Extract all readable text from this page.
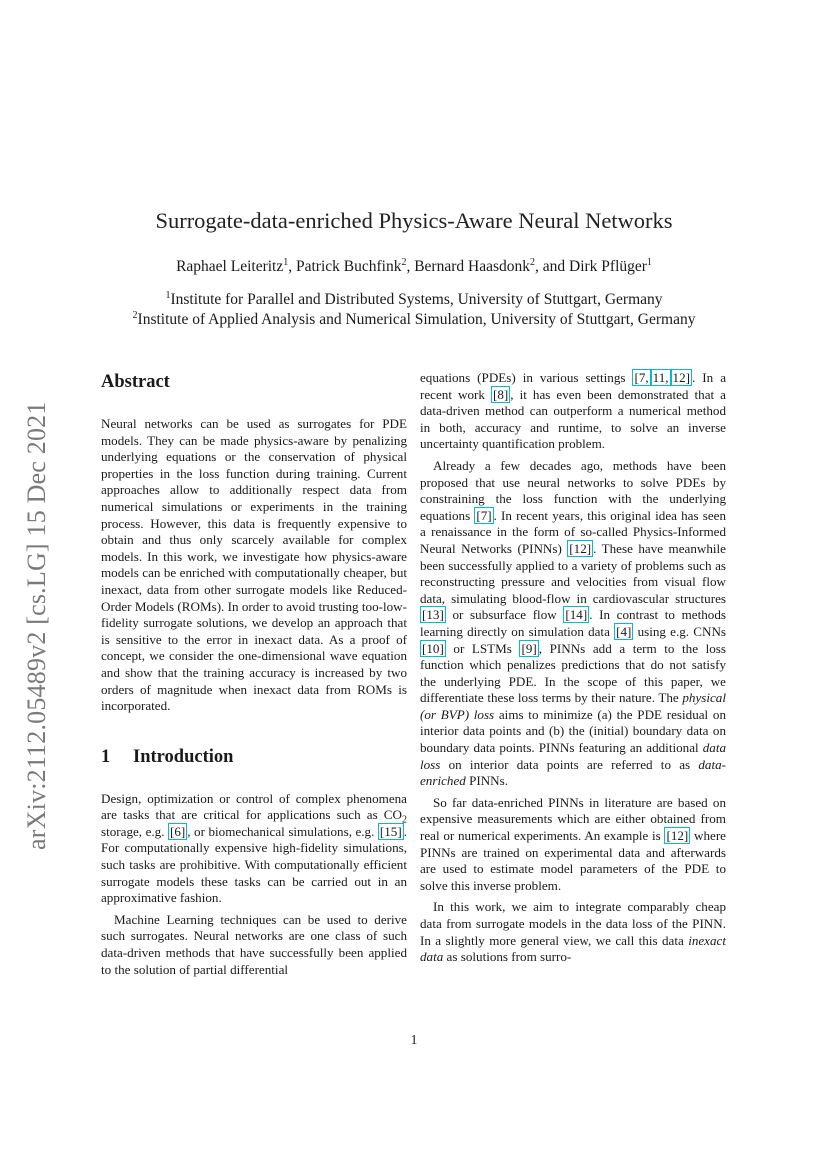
arXiv:2112.05489v2 [cs.LG] 15 Dec 2021
Surrogate-data-enriched Physics-Aware Neural Networks
Raphael Leiteritz$^1$, Patrick Buchfink$^2$, Bernard Haasdonk$^2$, and Dirk Pflüger$^1$
$^1$Institute for Parallel and Distributed Systems, University of Stuttgart, Germany
$^2$Institute of Applied Analysis and Numerical Simulation, University of Stuttgart, Germany
Abstract

Neural networks can be used as surrogates for PDE models. They can be made physics-aware by penalizing underlying equations or the conservation of physical properties in the loss function during training. Current approaches allow to additionally respect data from numerical simulations or experiments in the training process. However, this data is frequently expensive to obtain and thus only scarcely available for complex models. In this work, we investigate how physics-aware models can be enriched with computationally cheaper, but inexact, data from other surrogate models like Reduced-Order Models (ROMs). In order to avoid trusting too-low-fidelity surrogate solutions, we develop an approach that is sensitive to the error in inexact data. As a proof of concept, we consider the one-dimensional wave equation and show that the training accuracy is increased by two orders of magnitude when inexact data from ROMs is incorporated.

1 Introduction

Design, optimization or control of complex phenomena are tasks that are critical for applications such as $CO_2$ storage, e.g. [6] , or biomechanical simulations, e.g. [15] . For computationally expensive high-fidelity simulations, such tasks are prohibitive. With computationally efficient surrogate models these tasks can be carried out in an approximative fashion.

Machine Learning techniques can be used to derive such surrogates. Neural networks are one class of such data-driven methods that have successfully been applied to the solution of partial differential

equations (PDEs) in various settings [7, 11, 12] . In a recent work [8] , it has even been demonstrated that a data-driven method can outperform a numerical method in both, accuracy and runtime, to solve an inverse uncertainty quantification problem.

Already a few decades ago, methods have been proposed that use neural networks to solve PDEs by constraining the loss function with the underlying equations [7] . In recent years, this original idea has seen a renaissance in the form of so-called Physics-Informed Neural Networks (PINNs) [12] . These have meanwhile been successfully applied to a variety of problems such as reconstructing pressure and velocities from visual flow data, simulating blood-flow in cardiovascular structures [13] or subsurface flow [14] . In contrast to methods learning directly on simulation data [4] using e.g. CNNs [10] or LSTMs [9] , PINNs add a term to the loss function which penalizes predictions that do not satisfy the underlying PDE. In the scope of this paper, we differentiate these loss terms by their nature. The physical (or BVP) loss aims to minimize (a) the PDE residual on interior data points and (b) the (initial) boundary data on boundary data points. PINNs featuring an additional data loss on interior data points are referred to as data-enriched PINNs.

So far data-enriched PINNs in literature are based on expensive measurements which are either obtained from real or numerical experiments. An example is [12] where PINNs are trained on experimental data and afterwards are used to estimate model parameters of the PDE to solve this inverse problem.

In this work, we aim to integrate comparably cheap data from surrogate models in the data loss of the PINN. In a slightly more general view, we call this data inexact data as solutions from surro-

1
